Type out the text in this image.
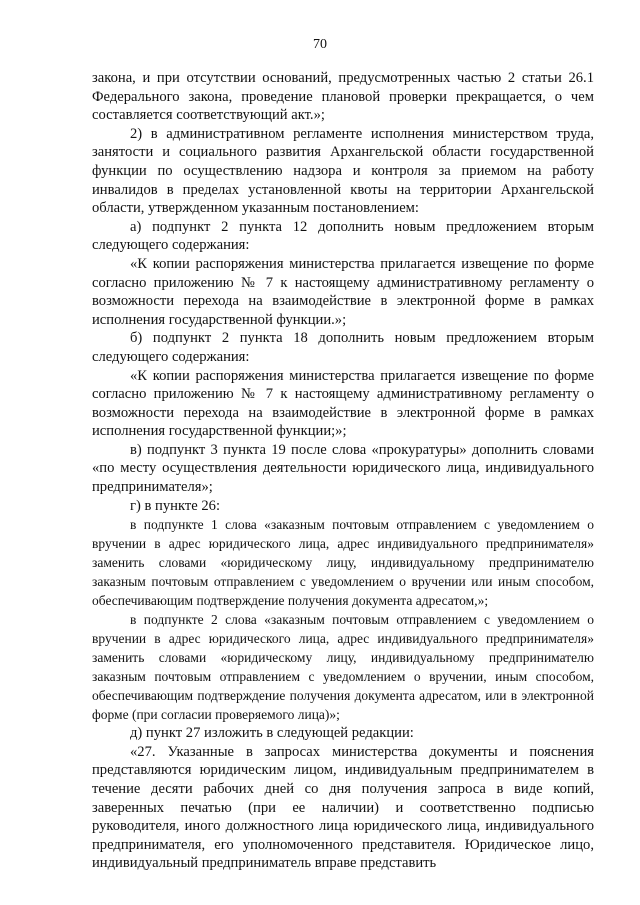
70

закона, и при отсутствии оснований, предусмотренных частью 2 статьи 26.1 Федерального закона, проведение плановой проверки прекращается, о чем составляется соответствующий акт.»;

2) в административном регламенте исполнения министерством труда, занятости и социального развития Архангельской области государственной функции по осуществлению надзора и контроля за приемом на работу инвалидов в пределах установленной квоты на территории Архангельской области, утвержденном указанным постановлением:

а) подпункт 2 пункта 12 дополнить новым предложением вторым следующего содержания:

«К копии распоряжения министерства прилагается извещение по форме согласно приложению № 7 к настоящему административному регламенту о возможности перехода на взаимодействие в электронной форме в рамках исполнения государственной функции.»;

б) подпункт 2 пункта 18 дополнить новым предложением вторым следующего содержания:

«К копии распоряжения министерства прилагается извещение по форме согласно приложению № 7 к настоящему административному регламенту о возможности перехода на взаимодействие в электронной форме в рамках исполнения государственной функции;»;

в) подпункт 3 пункта 19 после слова «прокуратуры» дополнить словами «по месту осуществления деятельности юридического лица, индивидуального предпринимателя»;

г) в пункте 26:

в подпункте 1 слова «заказным почтовым отправлением с уведомлением о вручении в адрес юридического лица, адрес индивидуального предпринимателя» заменить словами «юридическому лицу, индивидуальному предпринимателю заказным почтовым отправлением с уведомлением о вручении или иным способом, обеспечивающим подтверждение получения документа адресатом,»;

в подпункте 2 слова «заказным почтовым отправлением с уведомлением о вручении в адрес юридического лица, адрес индивидуального предпринимателя» заменить словами «юридическому лицу, индивидуальному предпринимателю заказным почтовым отправлением с уведомлением о вручении, иным способом, обеспечивающим подтверждение получения документа адресатом, или в электронной форме (при согласии проверяемого лица)»;

д) пункт 27 изложить в следующей редакции:

«27. Указанные в запросах министерства документы и пояснения представляются юридическим лицом, индивидуальным предпринимателем в течение десяти рабочих дней со дня получения запроса в виде копий, заверенных печатью (при ее наличии) и соответственно подписью руководителя, иного должностного лица юридического лица, индивидуального предпринимателя, его уполномоченного представителя. Юридическое лицо, индивидуальный предприниматель вправе представить
